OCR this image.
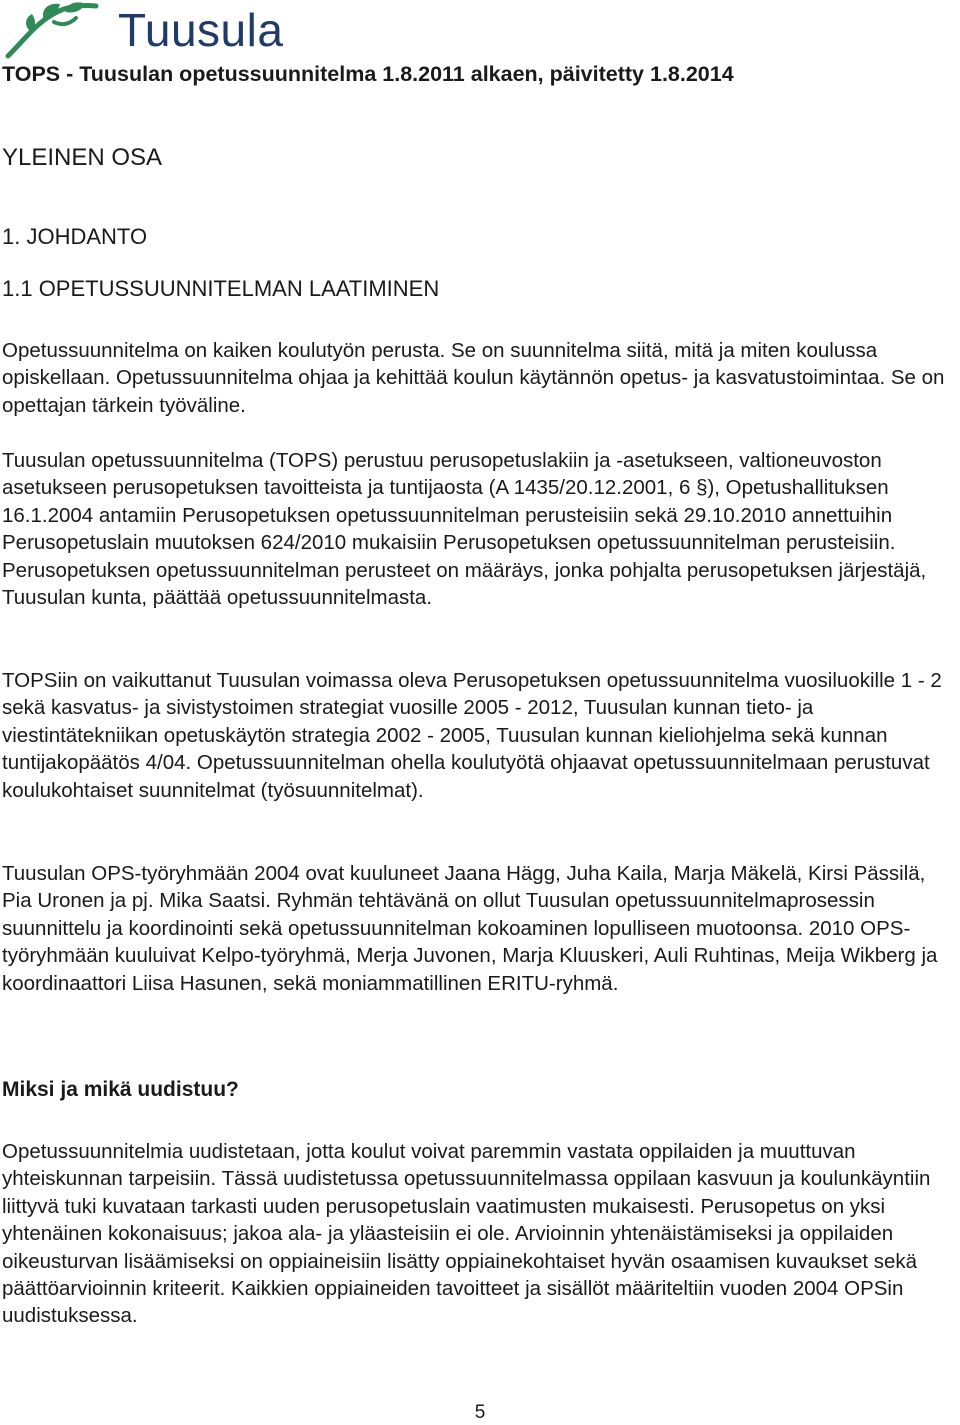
Tuusula
TOPS - Tuusulan opetussuunnitelma 1.8.2011 alkaen, päivitetty 1.8.2014
YLEINEN OSA
1. JOHDANTO
1.1 OPETUSSUUNNITELMAN LAATIMINEN
Opetussuunnitelma on kaiken koulutyön perusta. Se on suunnitelma siitä, mitä ja miten koulussa opiskellaan. Opetussuunnitelma ohjaa ja kehittää koulun käytännön opetus- ja kasvatustoimintaa. Se on opettajan tärkein työväline.
Tuusulan opetussuunnitelma (TOPS) perustuu perusopetuslakiin ja -asetukseen, valtioneuvoston asetukseen perusopetuksen tavoitteista ja tuntijaosta (A 1435/20.12.2001, 6 §), Opetushallituksen 16.1.2004 antamiin Perusopetuksen opetussuunnitelman perusteisiin sekä 29.10.2010 annettuihin Perusopetuslain muutoksen 624/2010 mukaisiin Perusopetuksen opetussuunnitelman perusteisiin. Perusopetuksen opetussuunnitelman perusteet on määräys, jonka pohjalta perusopetuksen järjestäjä, Tuusulan kunta, päättää opetussuunnitelmasta.
TOPSiin on vaikuttanut Tuusulan voimassa oleva Perusopetuksen opetussuunnitelma vuosiluokille 1 - 2 sekä kasvatus- ja sivistystoimen strategiat vuosille 2005 - 2012, Tuusulan kunnan tieto- ja viestintätekniikan opetuskäytön strategia 2002 - 2005, Tuusulan kunnan kieliohjelma sekä kunnan tuntijakopäätös 4/04. Opetussuunnitelman ohella koulutyötä ohjaavat opetussuunnitelmaan perustuvat koulukohtaiset suunnitelmat (työsuunnitelmat).
Tuusulan OPS-työryhmään 2004 ovat kuuluneet Jaana Hägg, Juha Kaila, Marja Mäkelä, Kirsi Pässilä, Pia Uronen ja pj. Mika Saatsi. Ryhmän tehtävänä on ollut Tuusulan opetussuunnitelmaprosessin suunnittelu ja koordinointi sekä opetussuunnitelman kokoaminen lopulliseen muotoonsa. 2010 OPS-työryhmään kuuluivat Kelpo-työryhmä, Merja Juvonen, Marja Kluuskeri, Auli Ruhtinas, Meija Wikberg ja koordinaattori Liisa Hasunen, sekä moniammatillinen ERITU-ryhmä.
Miksi ja mikä uudistuu?
Opetussuunnitelmia uudistetaan, jotta koulut voivat paremmin vastata oppilaiden ja muuttuvan yhteiskunnan tarpeisiin. Tässä uudistetussa opetussuunnitelmassa oppilaan kasvuun ja koulunkäyntiin liittyvä tuki kuvataan tarkasti uuden perusopetuslain vaatimusten mukaisesti. Perusopetus on yksi yhtenäinen kokonaisuus; jakoa ala- ja yläasteisiin ei ole. Arvioinnin yhtenäistämiseksi ja oppilaiden oikeusturvan lisäämiseksi on oppiaineisiin lisätty oppiainekohtaiset hyvän osaamisen kuvaukset sekä päättöarvioinnin kriteerit. Kaikkien oppiaineiden tavoitteet ja sisällöt määriteltiin vuoden 2004 OPSin uudistuksessa.
5
